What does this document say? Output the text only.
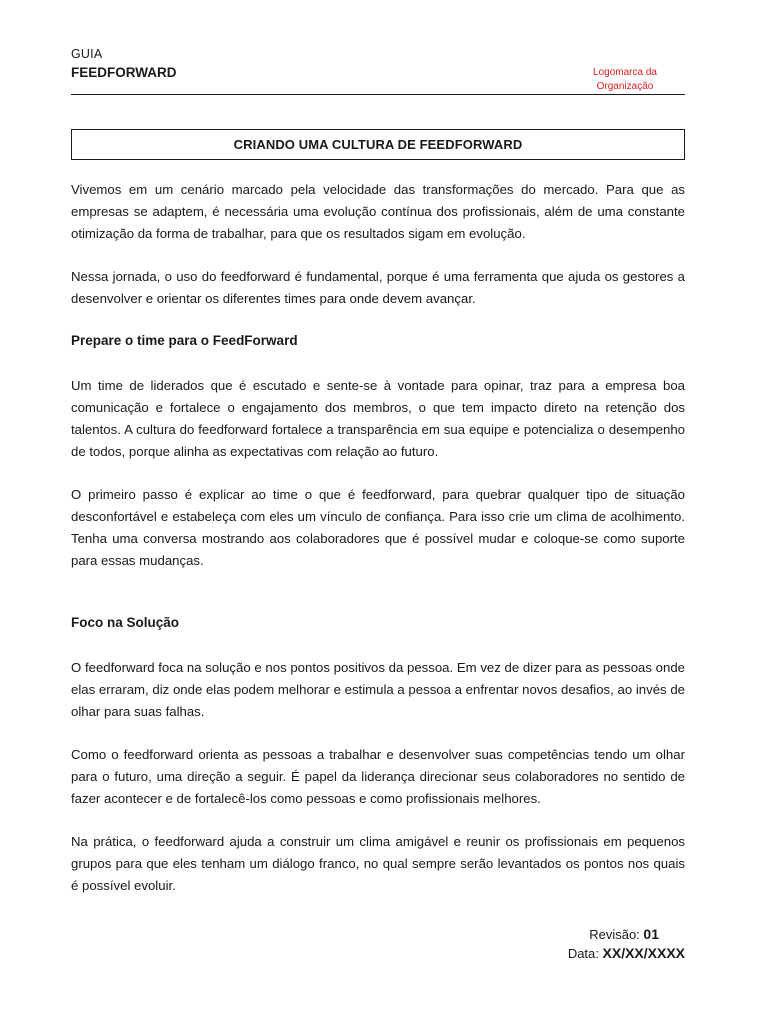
GUIA
FEEDFORWARD	Logomarca da
Organização
CRIANDO UMA CULTURA DE FEEDFORWARD

Vivemos em um cenário marcado pela velocidade das transformações do mercado. Para que as empresas se adaptem, é necessária uma evolução contínua dos profissionais, além de uma constante otimização da forma de trabalhar, para que os resultados sigam em evolução.

Nessa jornada, o uso do feedforward é fundamental, porque é uma ferramenta que ajuda os gestores a desenvolver e orientar os diferentes times para onde devem avançar.

Prepare o time para o FeedForward

Um time de liderados que é escutado e sente-se à vontade para opinar, traz para a empresa boa comunicação e fortalece o engajamento dos membros, o que tem impacto direto na retenção dos talentos. A cultura do feedforward fortalece a transparência em sua equipe e potencializa o desempenho de todos, porque alinha as expectativas com relação ao futuro.

O primeiro passo é explicar ao time o que é feedforward, para quebrar qualquer tipo de situação desconfortável e estabeleça com eles um vínculo de confiança. Para isso crie um clima de acolhimento. Tenha uma conversa mostrando aos colaboradores que é possível mudar e coloque-se como suporte para essas mudanças.

Foco na Solução

O feedforward foca na solução e nos pontos positivos da pessoa. Em vez de dizer para as pessoas onde elas erraram, diz onde elas podem melhorar e estimula a pessoa a enfrentar novos desafios, ao invés de olhar para suas falhas.

Como o feedforward orienta as pessoas a trabalhar e desenvolver suas competências tendo um olhar para o futuro, uma direção a seguir. É papel da liderança direcionar seus colaboradores no sentido de fazer acontecer e de fortalecê-los como pessoas e como profissionais melhores.

Na prática, o feedforward ajuda a construir um clima amigável e reunir os profissionais em pequenos grupos para que eles tenham um diálogo franco, no qual sempre serão levantados os pontos nos quais é possível evoluir.

Revisão: 01
Data: XX/XX/XXXX
